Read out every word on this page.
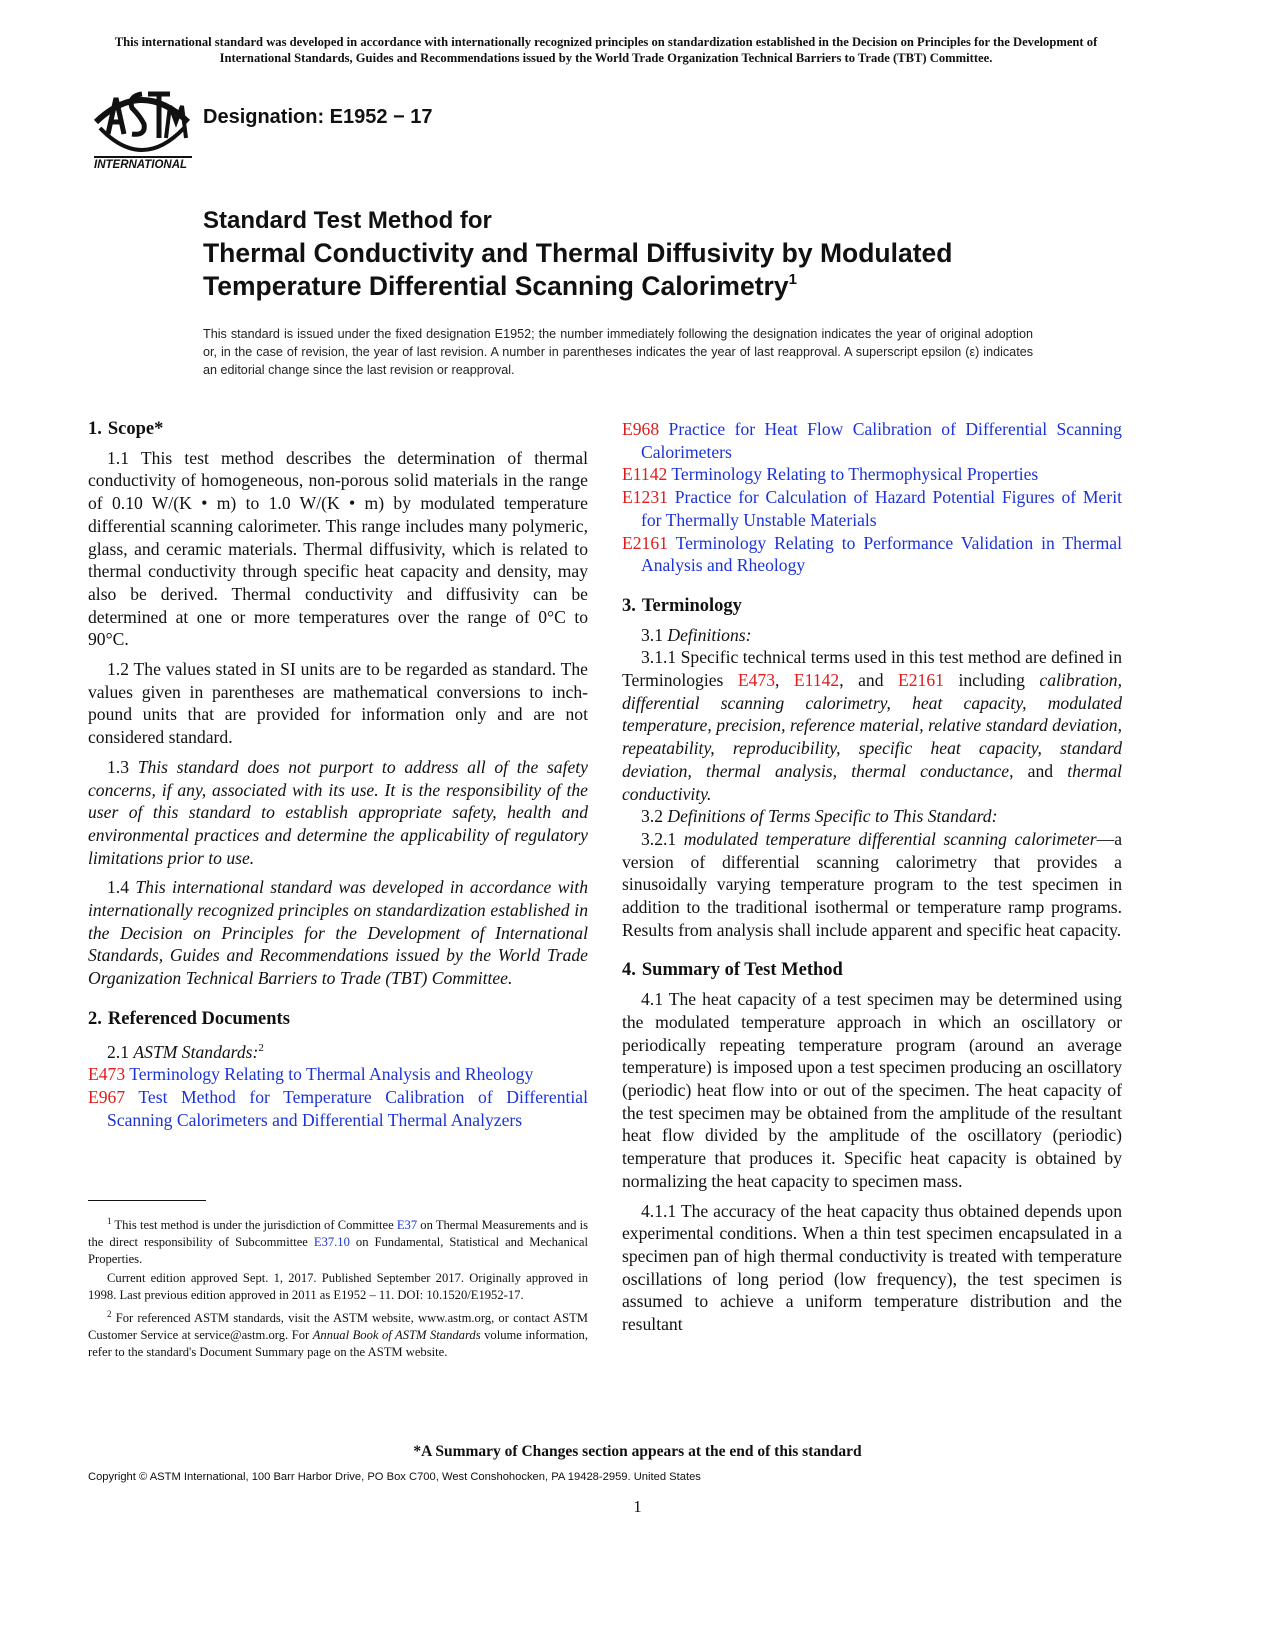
This international standard was developed in accordance with internationally recognized principles on standardization established in the Decision on Principles for the Development of International Standards, Guides and Recommendations issued by the World Trade Organization Technical Barriers to Trade (TBT) Committee.
INTERNATIONAL
Designation: E1952 − 17
Standard Test Method for
Thermal Conductivity and Thermal Diffusivity by Modulated
Temperature Differential Scanning Calorimetry$^1$
This standard is issued under the fixed designation E1952; the number immediately following the designation indicates the year of original adoption or, in the case of revision, the year of last revision. A number in parentheses indicates the year of last reapproval. A superscript epsilon (ε) indicates an editorial change since the last revision or reapproval.
1. Scope*

1.1 This test method describes the determination of thermal conductivity of homogeneous, non-porous solid materials in the range of 0.10 W/(K • m) to 1.0 W/(K • m) by modulated temperature differential scanning calorimeter. This range includes many polymeric, glass, and ceramic materials. Thermal diffusivity, which is related to thermal conductivity through specific heat capacity and density, may also be derived. Thermal conductivity and diffusivity can be determined at one or more temperatures over the range of 0°C to 90°C.

1.2 The values stated in SI units are to be regarded as standard. The values given in parentheses are mathematical conversions to inch-pound units that are provided for information only and are not considered standard.

1.3 This standard does not purport to address all of the safety concerns, if any, associated with its use. It is the responsibility of the user of this standard to establish appropriate safety, health and environmental practices and determine the applicability of regulatory limitations prior to use.

1.4 This international standard was developed in accordance with internationally recognized principles on standardization established in the Decision on Principles for the Development of International Standards, Guides and Recommendations issued by the World Trade Organization Technical Barriers to Trade (TBT) Committee.

2. Referenced Documents

2.1 ASTM Standards:$^2$

E473 Terminology Relating to Thermal Analysis and Rheology

E967 Test Method for Temperature Calibration of Differential Scanning Calorimeters and Differential Thermal Analyzers

$^1$ This test method is under the jurisdiction of Committee E37 on Thermal Measurements and is the direct responsibility of Subcommittee E37.10 on Fundamental, Statistical and Mechanical Properties.

Current edition approved Sept. 1, 2017. Published September 2017. Originally approved in 1998. Last previous edition approved in 2011 as E1952 – 11. DOI: 10.1520/E1952-17.

$^2$ For referenced ASTM standards, visit the ASTM website, www.astm.org, or contact ASTM Customer Service at service@astm.org. For Annual Book of ASTM Standards volume information, refer to the standard's Document Summary page on the ASTM website.

E968 Practice for Heat Flow Calibration of Differential Scanning Calorimeters

E1142 Terminology Relating to Thermophysical Properties

E1231 Practice for Calculation of Hazard Potential Figures of Merit for Thermally Unstable Materials

E2161 Terminology Relating to Performance Validation in Thermal Analysis and Rheology

3. Terminology

3.1 Definitions:

3.1.1 Specific technical terms used in this test method are defined in Terminologies E473, E1142, and E2161 including calibration, differential scanning calorimetry, heat capacity, modulated temperature, precision, reference material, relative standard deviation, repeatability, reproducibility, specific heat capacity, standard deviation, thermal analysis, thermal conductance, and thermal conductivity.

3.2 Definitions of Terms Specific to This Standard:

3.2.1 modulated temperature differential scanning calorimeter—a version of differential scanning calorimetry that provides a sinusoidally varying temperature program to the test specimen in addition to the traditional isothermal or temperature ramp programs. Results from analysis shall include apparent and specific heat capacity.

4. Summary of Test Method

4.1 The heat capacity of a test specimen may be determined using the modulated temperature approach in which an oscillatory or periodically repeating temperature program (around an average temperature) is imposed upon a test specimen producing an oscillatory (periodic) heat flow into or out of the specimen. The heat capacity of the test specimen may be obtained from the amplitude of the resultant heat flow divided by the amplitude of the oscillatory (periodic) temperature that produces it. Specific heat capacity is obtained by normalizing the heat capacity to specimen mass.

4.1.1 The accuracy of the heat capacity thus obtained depends upon experimental conditions. When a thin test specimen encapsulated in a specimen pan of high thermal conductivity is treated with temperature oscillations of long period (low frequency), the test specimen is assumed to achieve a uniform temperature distribution and the resultant

*A Summary of Changes section appears at the end of this standard
Copyright © ASTM International, 100 Barr Harbor Drive, PO Box C700, West Conshohocken, PA 19428-2959. United States
1
